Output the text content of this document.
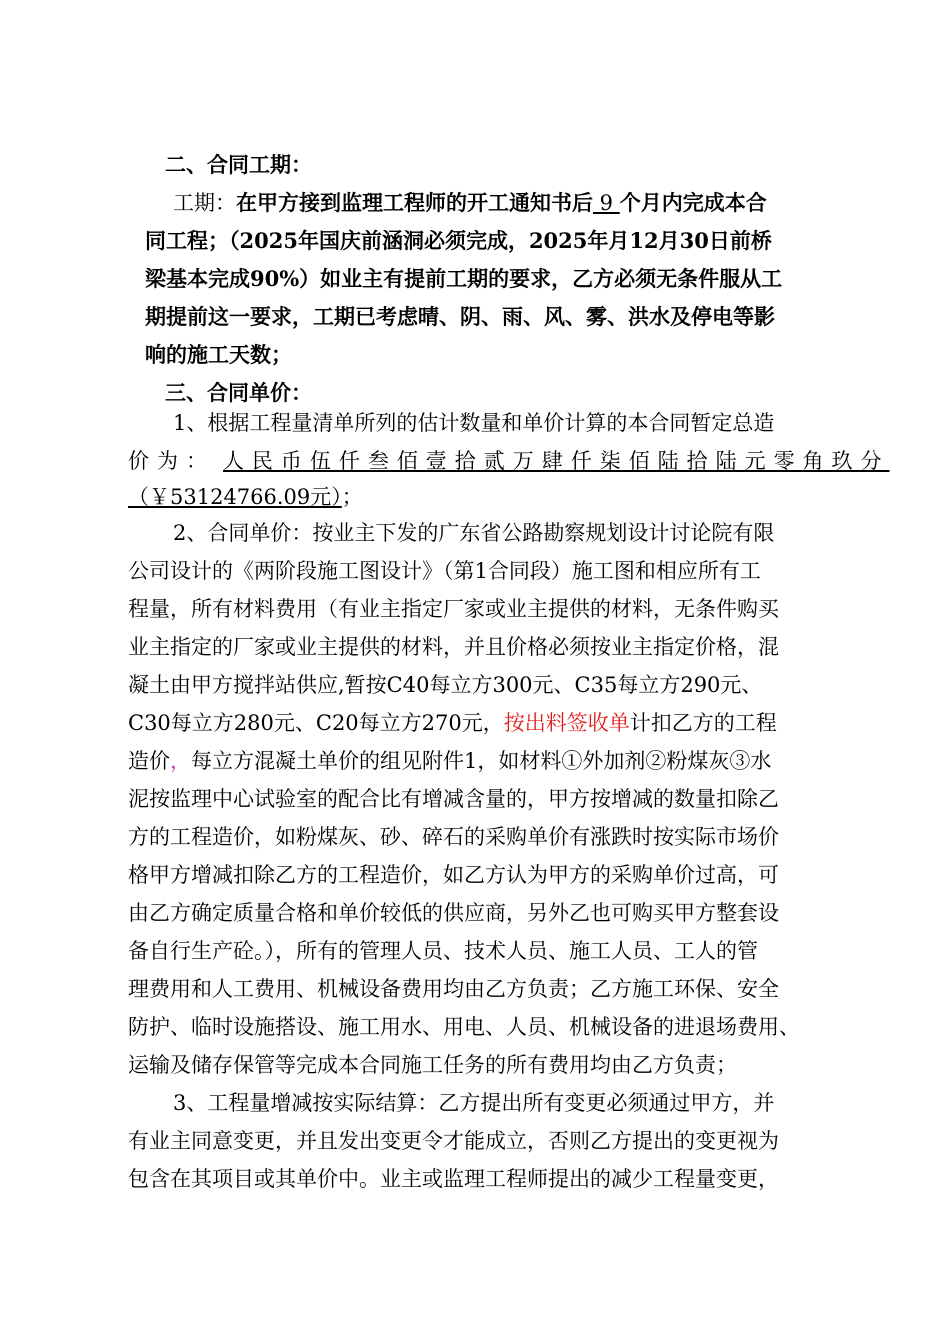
二、合同工期：
工期：在甲方接到监理工程师的开工通知书后 9 个月内完成本合
同工程；（2025年国庆前涵洞必须完成，2025年月12月30日前桥
梁基本完成90%）如业主有提前工期的要求，乙方必须无条件服从工
期提前这一要求，工期已考虑晴、阴、雨、风、雾、洪水及停电等影
响的施工天数；
三、合同单价：
1、根据工程量清单所列的估计数量和单价计算的本合同暂定总造
价为： 人民币伍仟叁佰壹拾贰万肆仟柒佰陆拾陆元零角玖分
（￥53124766.09元）；
2、合同单价：按业主下发的广东省公路勘察规划设计讨论院有限
公司设计的《两阶段施工图设计》（第1合同段）施工图和相应所有工
程量，所有材料费用（有业主指定厂家或业主提供的材料，无条件购买
业主指定的厂家或业主提供的材料，并且价格必须按业主指定价格，混
凝土由甲方搅拌站供应,暂按C40每立方300元、C35每立方290元、
C30每立方280元、C20每立方270元，按出料签收单计扣乙方的工程
造价，每立方混凝土单价的组见附件1，如材料①外加剂②粉煤灰③水
泥按监理中心试验室的配合比有增减含量的，甲方按增减的数量扣除乙
方的工程造价，如粉煤灰、砂、碎石的采购单价有涨跌时按实际市场价
格甲方增减扣除乙方的工程造价，如乙方认为甲方的采购单价过高，可
由乙方确定质量合格和单价较低的供应商，另外乙也可购买甲方整套设
备自行生产砼。），所有的管理人员、技术人员、施工人员、工人的管
理费用和人工费用、机械设备费用均由乙方负责；乙方施工环保、安全
防护、临时设施搭设、施工用水、用电、人员、机械设备的进退场费用、
运输及储存保管等完成本合同施工任务的所有费用均由乙方负责；
3、工程量增减按实际结算：乙方提出所有变更必须通过甲方，并
有业主同意变更，并且发出变更令才能成立，否则乙方提出的变更视为
包含在其项目或其单价中。业主或监理工程师提出的减少工程量变更，
